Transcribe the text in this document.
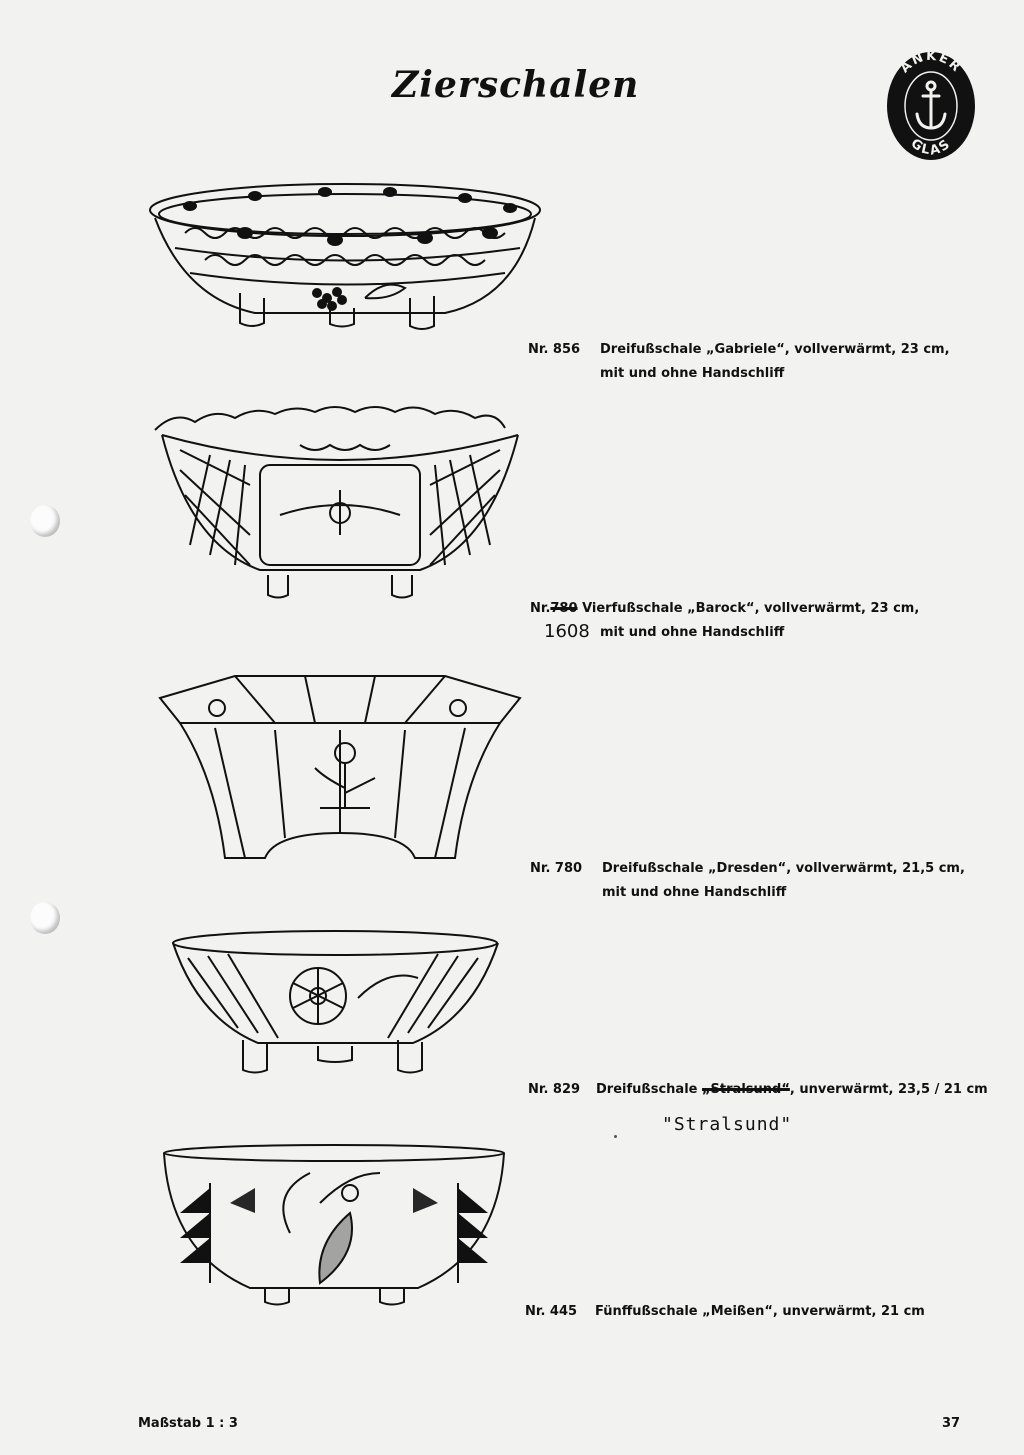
Zierschalen	ANKER
GLAS
Nr. 856 Dreifußschale „Gabriele“, vollverwärmt, 23 cm,
mit und ohne Handschliff
Nr.780 Vierfußschale „Barock“, vollverwärmt, 23 cm,
1608 mit und ohne Handschliff
Nr. 780 Dreifußschale „Dresden“, vollverwärmt, 21,5 cm,
mit und ohne Handschliff
Nr. 829 Dreifußschale „Stralsund“, unverwärmt, 23,5 / 21 cm
"Stralsund"
Nr. 445 Fünffußschale „Meißen“, unverwärmt, 21 cm
Maßstab 1 : 3	37
